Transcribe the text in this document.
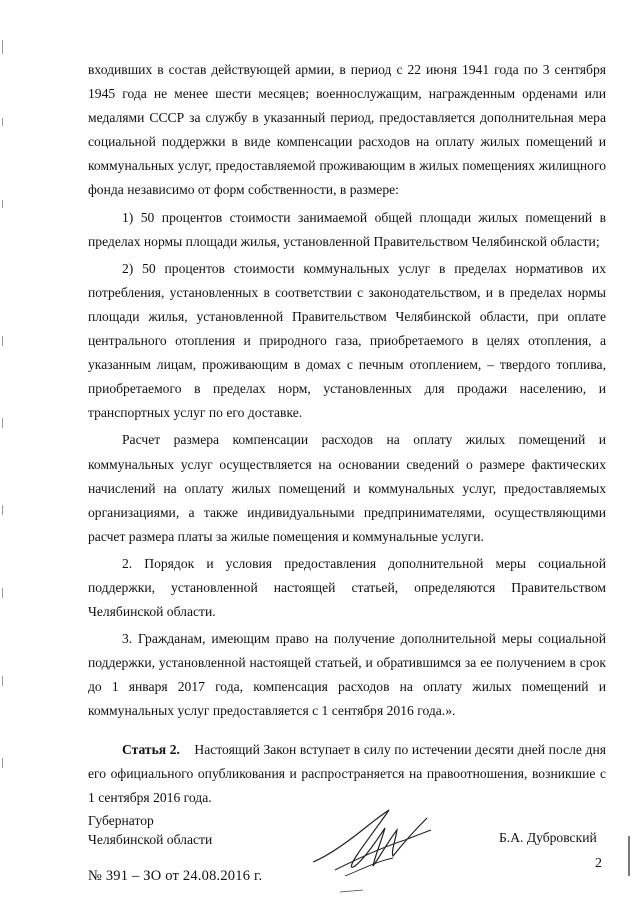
входивших в состав действующей армии, в период с 22 июня 1941 года по 3 сентября 1945 года не менее шести месяцев; военнослужащим, награжденным орденами или медалями СССР за службу в указанный период, предоставляется дополнительная мера социальной поддержки в виде компенсации расходов на оплату жилых помещений и коммунальных услуг, предоставляемой проживающим в жилых помещениях жилищного фонда независимо от форм собственности, в размере:

1) 50 процентов стоимости занимаемой общей площади жилых помещений в пределах нормы площади жилья, установленной Правительством Челябинской области;

2) 50 процентов стоимости коммунальных услуг в пределах нормативов их потребления, установленных в соответствии с законодательством, и в пределах нормы площади жилья, установленной Правительством Челябинской области, при оплате центрального отопления и природного газа, приобретаемого в целях отопления, а указанным лицам, проживающим в домах с печным отоплением, – твердого топлива, приобретаемого в пределах норм, установленных для продажи населению, и транспортных услуг по его доставке.

Расчет размера компенсации расходов на оплату жилых помещений и коммунальных услуг осуществляется на основании сведений о размере фактических начислений на оплату жилых помещений и коммунальных услуг, предоставляемых организациями, а также индивидуальными предпринимателями, осуществляющими расчет размера платы за жилые помещения и коммунальные услуги.

2. Порядок и условия предоставления дополнительной меры социальной поддержки, установленной настоящей статьей, определяются Правительством Челябинской области.

3. Гражданам, имеющим право на получение дополнительной меры социальной поддержки, установленной настоящей статьей, и обратившимся за ее получением в срок до 1 января 2017 года, компенсация расходов на оплату жилых помещений и коммунальных услуг предоставляется с 1 сентября 2016 года.».

Статья 2. Настоящий Закон вступает в силу по истечении десяти дней после дня его официального опубликования и распространяется на правоотношения, возникшие с 1 сентября 2016 года.

Губернатор
Челябинской области	Б.А. Дубровский
2
№ 391 – ЗО от 24.08.2016 г.
